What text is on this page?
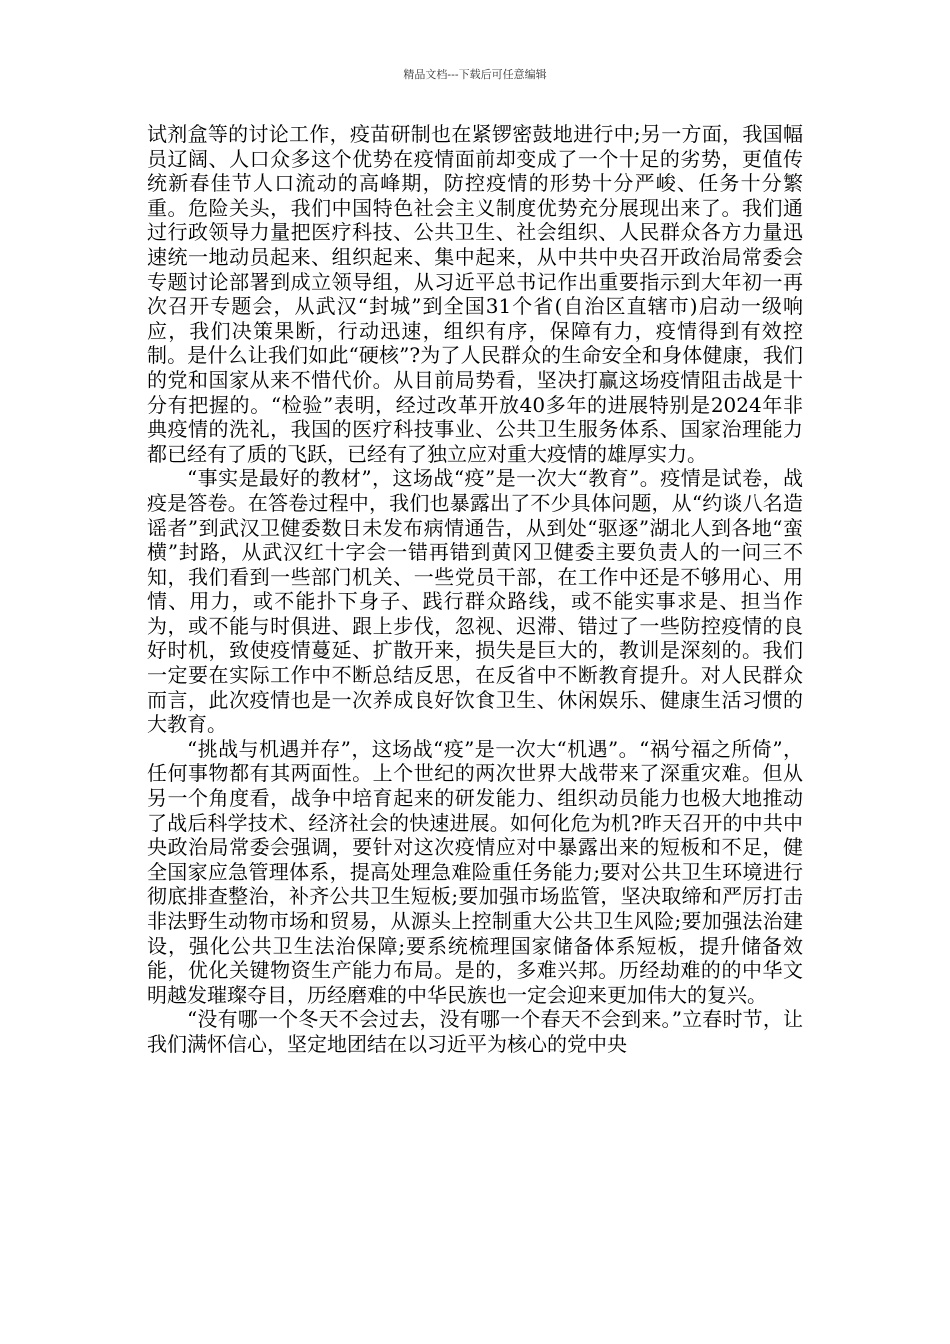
精品文档---下载后可任意编辑

试剂盒等的讨论工作，疫苗研制也在紧锣密鼓地进行中;另一方面，我国幅员辽阔、人口众多这个优势在疫情面前却变成了一个十足的劣势，更值传统新春佳节人口流动的高峰期，防控疫情的形势十分严峻、任务十分繁重。危险关头，我们中国特色社会主义制度优势充分展现出来了。我们通过行政领导力量把医疗科技、公共卫生、社会组织、人民群众各方力量迅速统一地动员起来、组织起来、集中起来，从中共中央召开政治局常委会专题讨论部署到成立领导组，从习近平总书记作出重要指示到大年初一再次召开专题会，从武汉“封城”到全国31个省(自治区直辖市)启动一级响应，我们决策果断，行动迅速，组织有序，保障有力，疫情得到有效控制。是什么让我们如此“硬核”?为了人民群众的生命安全和身体健康，我们的党和国家从来不惜代价。从目前局势看，坚决打赢这场疫情阻击战是十分有把握的。“检验”表明，经过改革开放40多年的进展特别是2024年非典疫情的洗礼，我国的医疗科技事业、公共卫生服务体系、国家治理能力都已经有了质的飞跃，已经有了独立应对重大疫情的雄厚实力。

“事实是最好的教材”，这场战“疫”是一次大“教育”。疫情是试卷，战疫是答卷。在答卷过程中，我们也暴露出了不少具体问题，从“约谈八名造谣者”到武汉卫健委数日未发布病情通告，从到处“驱逐”湖北人到各地“蛮横”封路，从武汉红十字会一错再错到黄冈卫健委主要负责人的一问三不知，我们看到一些部门机关、一些党员干部，在工作中还是不够用心、用情、用力，或不能扑下身子、践行群众路线，或不能实事求是、担当作为，或不能与时俱进、跟上步伐，忽视、迟滞、错过了一些防控疫情的良好时机，致使疫情蔓延、扩散开来，损失是巨大的，教训是深刻的。我们一定要在实际工作中不断总结反思，在反省中不断教育提升。对人民群众而言，此次疫情也是一次养成良好饮食卫生、休闲娱乐、健康生活习惯的大教育。

“挑战与机遇并存”，这场战“疫”是一次大“机遇”。“祸兮福之所倚”，任何事物都有其两面性。上个世纪的两次世界大战带来了深重灾难。但从另一个角度看，战争中培育起来的研发能力、组织动员能力也极大地推动了战后科学技术、经济社会的快速进展。如何化危为机?昨天召开的中共中央政治局常委会强调，要针对这次疫情应对中暴露出来的短板和不足，健全国家应急管理体系，提高处理急难险重任务能力;要对公共卫生环境进行彻底排查整治，补齐公共卫生短板;要加强市场监管，坚决取缔和严厉打击非法野生动物市场和贸易，从源头上控制重大公共卫生风险;要加强法治建设，强化公共卫生法治保障;要系统梳理国家储备体系短板，提升储备效能，优化关键物资生产能力布局。是的，多难兴邦。历经劫难的的中华文明越发璀璨夺目，历经磨难的中华民族也一定会迎来更加伟大的复兴。

“没有哪一个冬天不会过去，没有哪一个春天不会到来。”立春时节，让我们满怀信心，坚定地团结在以习近平为核心的党中央
